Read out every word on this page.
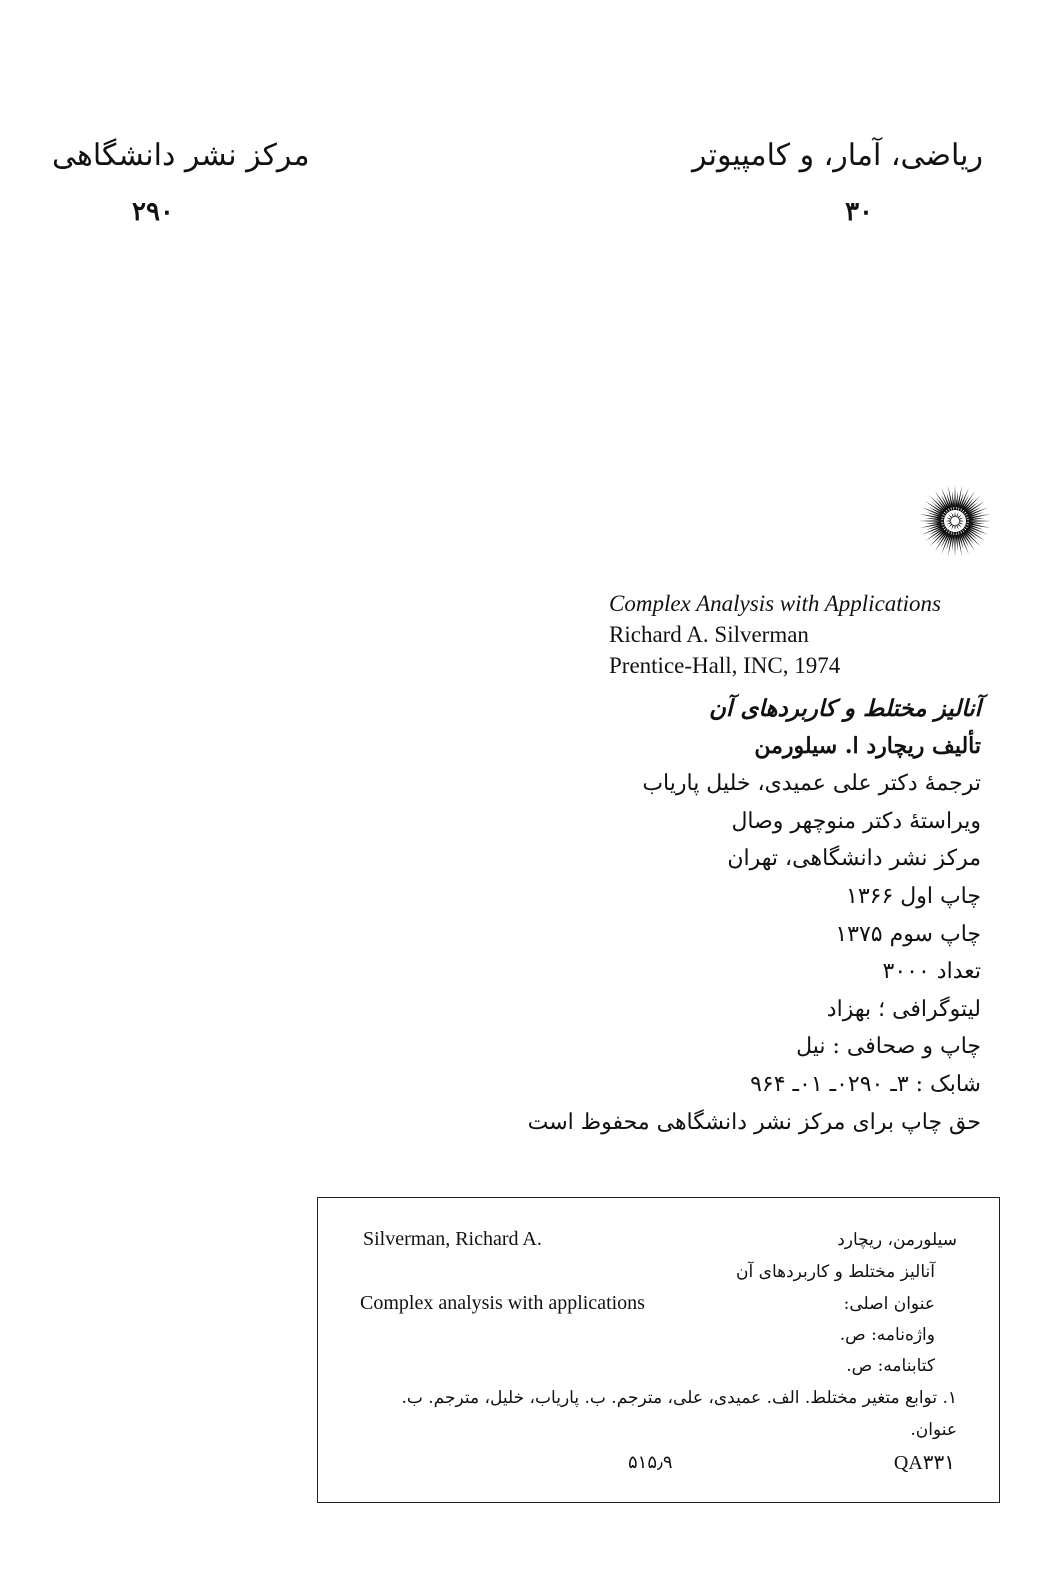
ریاضی، آمار، و کامپیوتر
۳۰
مرکز نشر دانشگاهی
۲۹۰
Complex Analysis with Applications
Richard A. Silverman
Prentice-Hall, INC, 1974
آنالیز مختلط و کاربردهای آن
تألیف ریچارد ا. سیلورمن
ترجمهٔ دکتر علی عمیدی، خلیل پاریاب
ویراستهٔ دکتر منوچهر وصال
مرکز نشر دانشگاهی، تهران
چاپ اول ۱۳۶۶
چاپ سوم ۱۳۷۵
تعداد ۳۰۰۰
لیتوگرافی ؛ بهزاد
چاپ و صحافی : نیل
شابک : ۳ـ ۰۲۹۰ـ ۰۱ـ ۹۶۴
حق چاپ برای مرکز نشر دانشگاهی محفوظ است
Silverman, Richard A.	سیلورمن، ریچارد
آنالیز مختلط و کاربردهای آن
Complex analysis with applications	عنوان اصلی:
واژه‌نامه: ص.
کتابنامه: ص.
۱. توابع متغیر مختلط. الف. عمیدی، علی، مترجم. ب. پاریاب، خلیل، مترجم. ب.
عنوان.
QA۳۳۱
۵۱۵٫۹
